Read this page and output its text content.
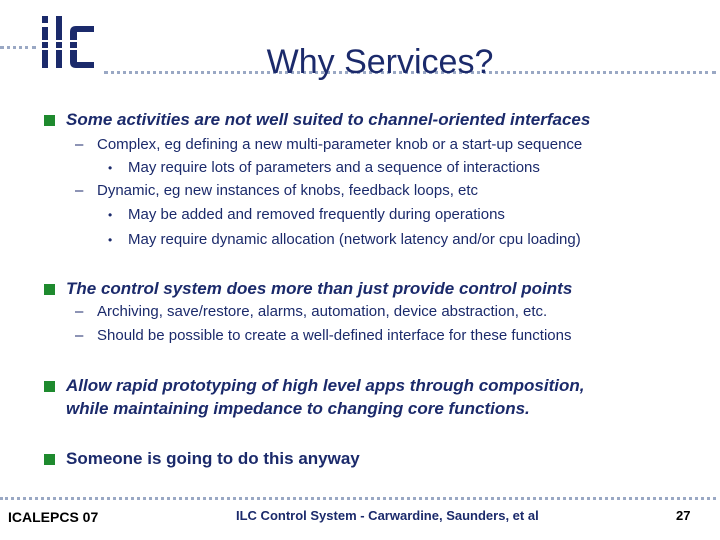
Why Services?
Some activities are not well suited to channel-oriented interfaces
– Complex, eg defining a new multi-parameter knob or a start-up sequence
• May require lots of parameters and a sequence of interactions
– Dynamic, eg new instances of knobs, feedback loops, etc
• May be added and removed frequently during operations
• May require dynamic allocation (network latency and/or cpu loading)
The control system does more than just provide control points
– Archiving, save/restore, alarms, automation, device abstraction, etc.
– Should be possible to create a well-defined interface for these functions
Allow rapid prototyping of high level apps through composition,
while maintaining impedance to changing core functions.
Someone is going to do this anyway
ICALEPCS 07	ILC Control System - Carwardine, Saunders, et al	27
